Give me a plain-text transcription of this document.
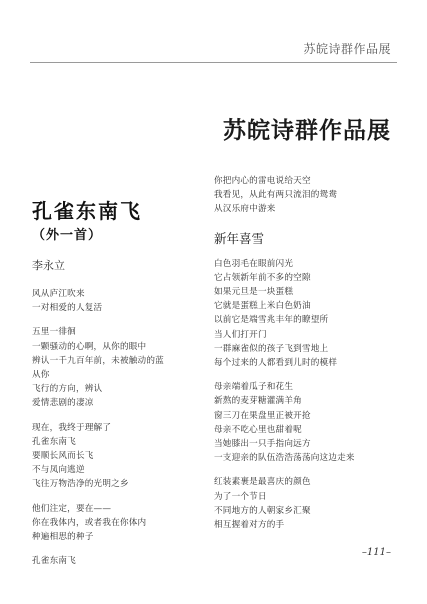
苏皖诗群作品展
苏皖诗群作品展
孔雀东南飞
（外一首）
李永立
风从庐江吹来
一对相爱的人复活
五里一徘徊
一颗骚动的心啊，从你的眼中
辨认一千九百年前，未被触动的蓝
从你
飞行的方向，辨认
爱情悲剧的凄凉
现在，我终于理解了
孔雀东南飞
要顺长风而长飞
不与凤向逃逆
飞往万物浩净的光明之乡
他们注定，要在——
你在我体内，或者我在你体内
种遍相思的种子
孔雀东南飞
你把内心的雷电说给天空
我看见，从此有两只流泪的鸳鸯
从汉乐府中游来
新年喜雪
白色羽毛在眼前闪光
它占领新年前不多的空隙
如果元旦是一块蛋糕
它就是蛋糕上米白色奶油
以前它是端雪兆丰年的瞭望所
当人们打开门
一群麻雀似的孩子飞到雪地上
每个过来的人都看到儿时的模样
母亲端着瓜子和花生
新熬的麦芽糖灌满羊角
窗三刀在果盘里正被开抢
母亲不吃心里也甜着呢
当她膝出一只手指向远方
一支迎亲的队伍浩浩荡荡向这边走来
红装素裹是最喜庆的颜色
为了一个节日
不同地方的人朝家乡汇聚
相互握着对方的手
–111–
